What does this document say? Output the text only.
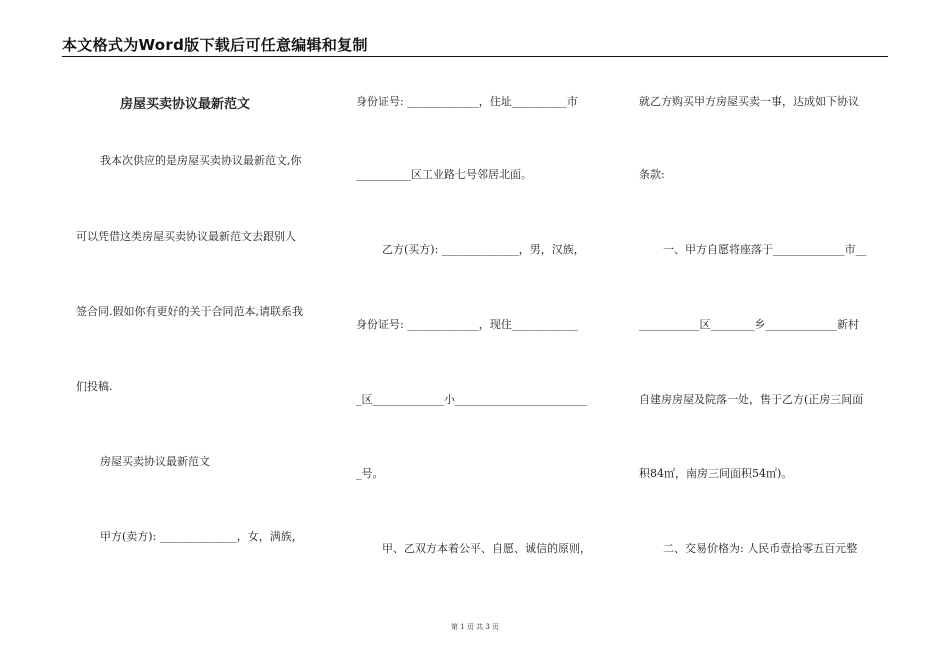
本文格式为Word版下载后可任意编辑和复制
房屋买卖协议最新范文
我本次供应的是房屋买卖协议最新范文,你
可以凭借这类房屋买卖协议最新范文去跟别人
签合同.假如你有更好的关于合同范本,请联系我
们投稿.
房屋买卖协议最新范文
甲方(卖方): ______________，女，满族，
身份证号: _____________，住址__________市
__________区工业路七号邻居北面。
乙方(买方): ______________，男，汉族，
身份证号: _____________，现住____________
_区_____________小________________________
_号。
甲、乙双方本着公平、自愿、诚信的原则，
就乙方购买甲方房屋买卖一事，达成如下协议
条款:
一、甲方自愿将座落于_____________市__
___________区________乡_____________新村
自建房房屋及院落一处，售于乙方(正房三间面
积84㎡，南房三间面积54㎡)。
二、交易价格为: 人民币壹拾零五百元整
第 1 页 共 3 页
